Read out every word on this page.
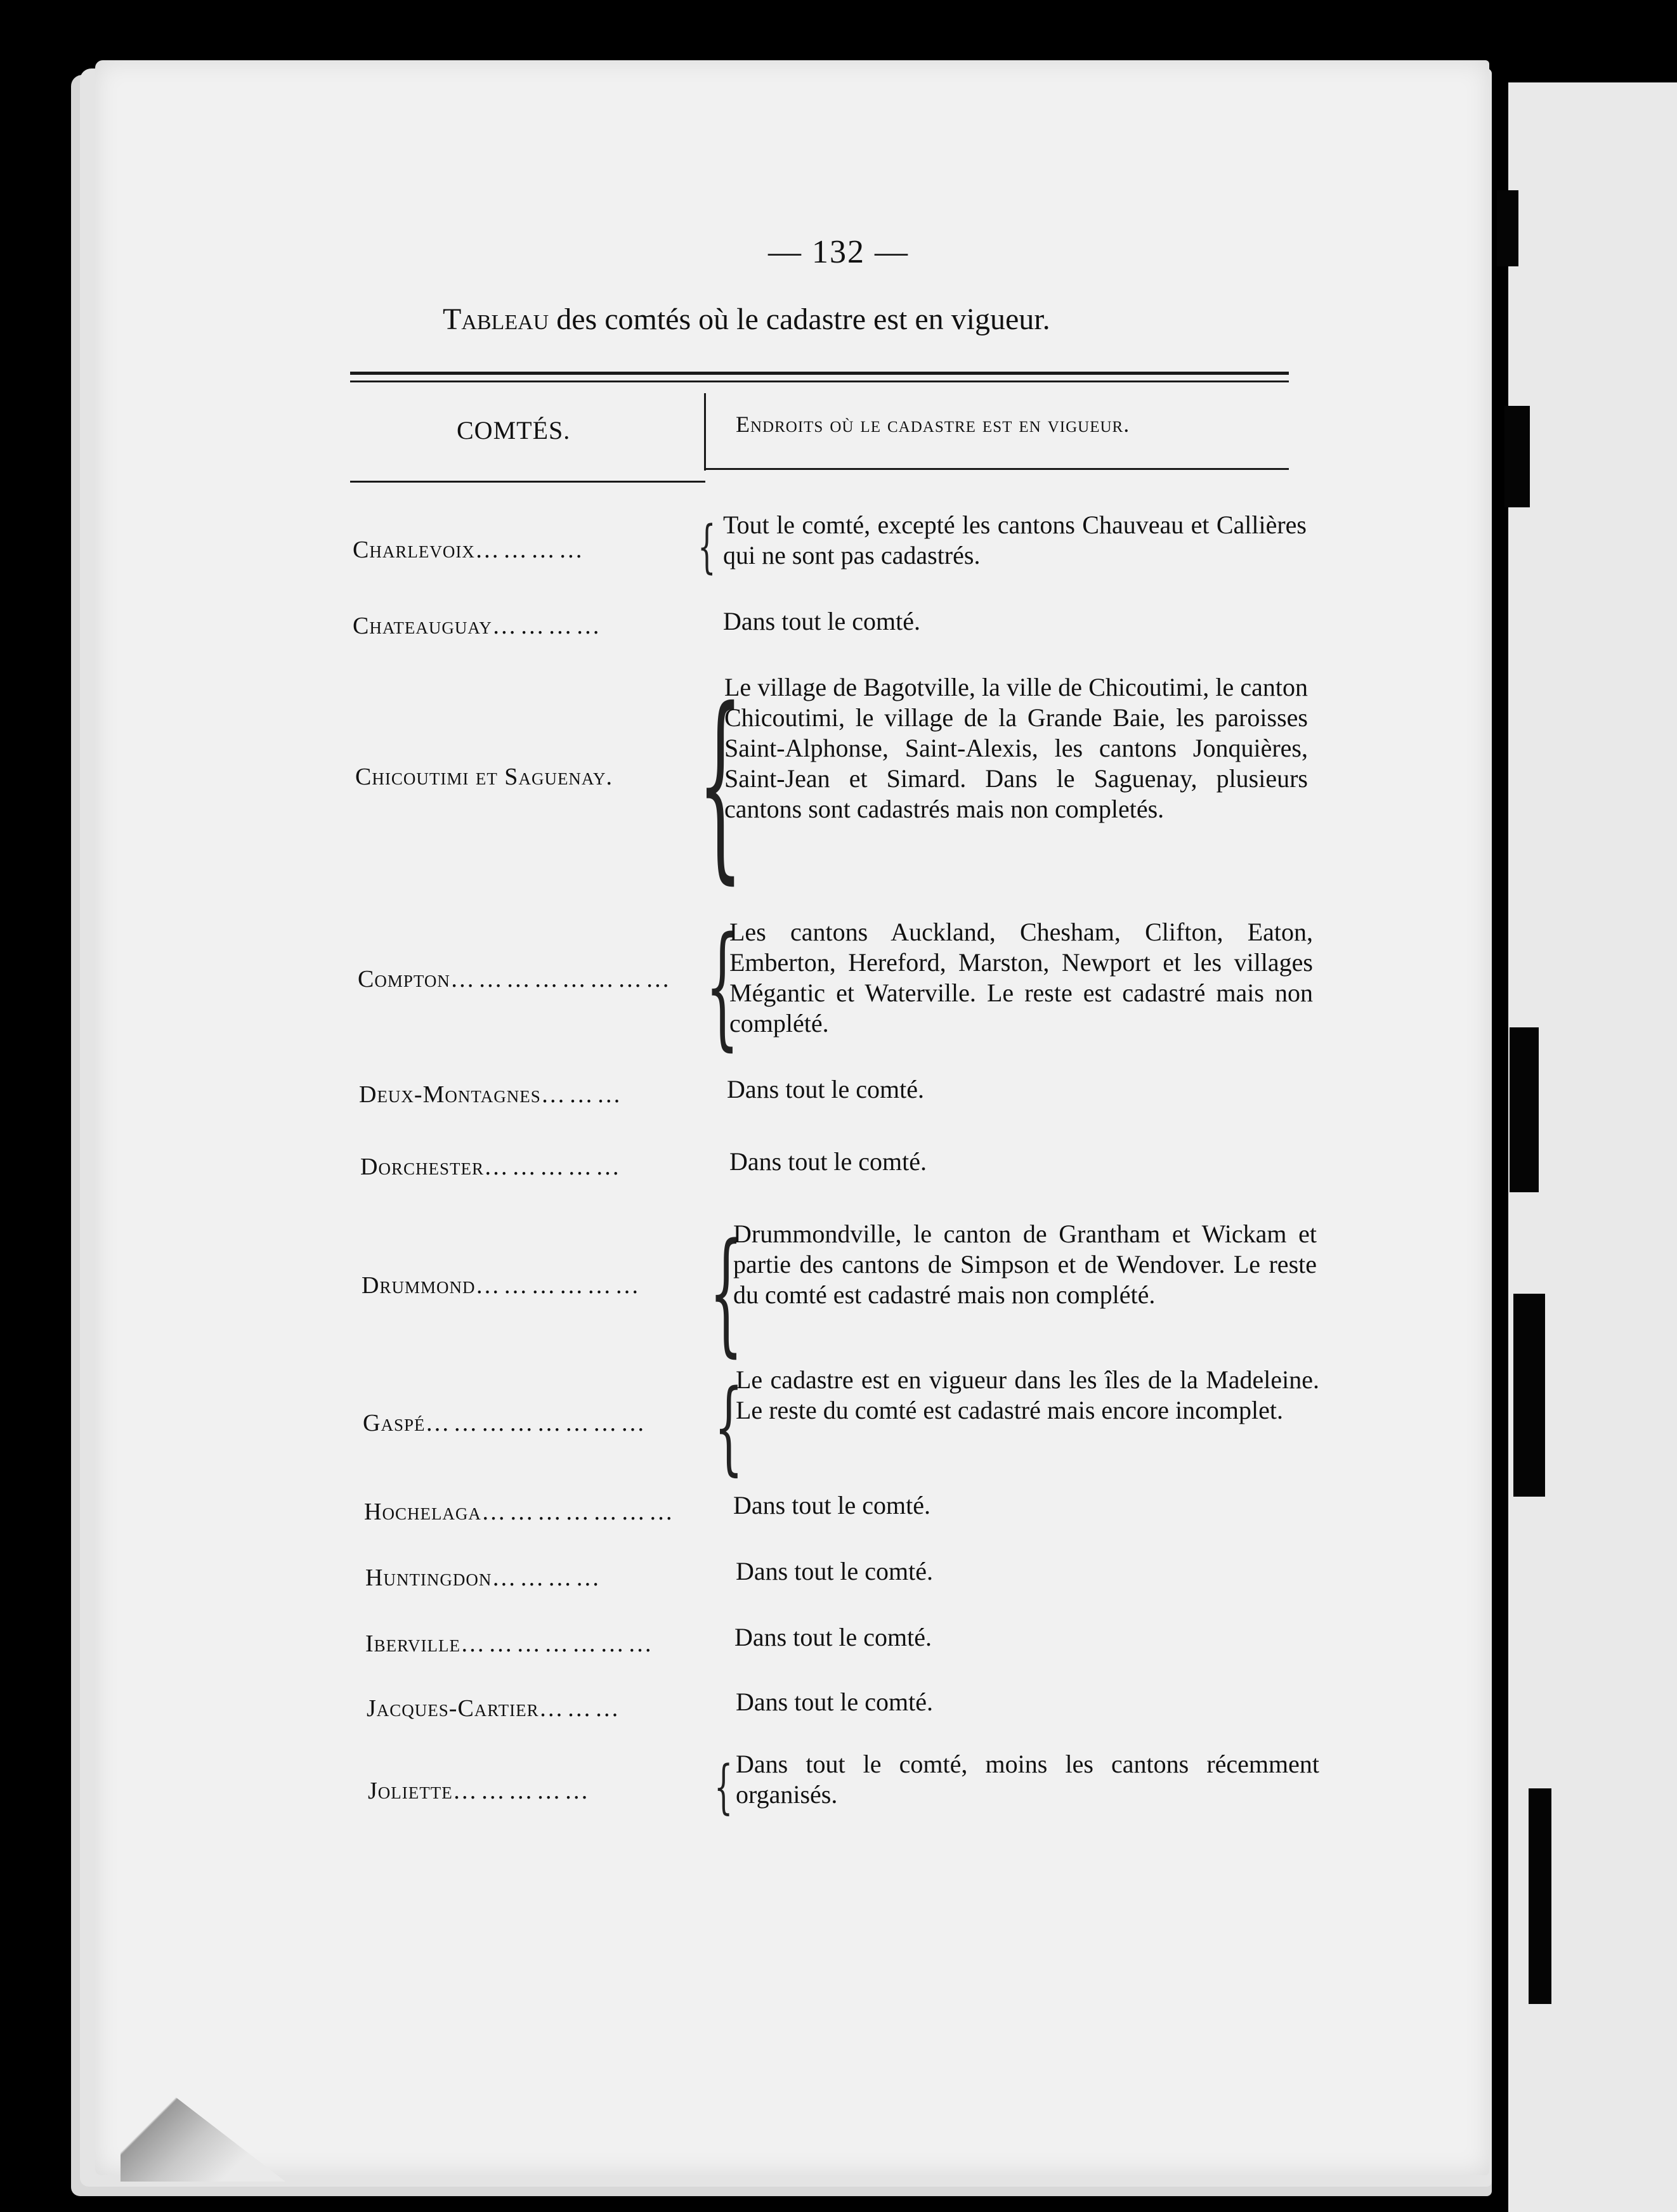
— 132 —
Tableau des comtés où le cadastre est en vigueur.
COMTÉS.	Endroits où le cadastre est en vigueur.
Charlevoix………… { Tout le comté, excepté les cantons Chauveau et Callières qui ne sont pas cadastrés.
Chateauguay…………	Dans tout le comté.
Chicoutimi et Saguenay. {
Le village de Bagotville, la ville de Chicoutimi, le canton Chicoutimi, le village de la Grande Baie, les paroisses Saint-Alphonse, Saint-Alexis, les cantons Jonquières, Saint-Jean et Simard. Dans le Saguenay, plusieurs cantons sont cadastrés mais non completés.
Compton…………………… {
Les cantons Auckland, Chesham, Clifton, Eaton, Emberton, Hereford, Marston, Newport et les villages Mégantic et Waterville. Le reste est cadastré mais non complété.
Deux-Montagnes………	Dans tout le comté.
Dorchester……………	Dans tout le comté.
Drummond……………… {
Drummondville, le canton de Grantham et Wickam et partie des cantons de Simpson et de Wendover. Le reste du comté est cadastré mais non complété.
Gaspé…………………… {
Le cadastre est en vigueur dans les îles de la Madeleine. Le reste du comté est cadastré mais encore incomplet.
Hochelaga………………… Dans tout le comté.
Huntingdon…………	Dans tout le comté.
Iberville…………………	Dans tout le comté.
Jacques-Cartier………	Dans tout le comté.
Joliette…………… { Dans tout le comté, moins les cantons récemment organisés.
